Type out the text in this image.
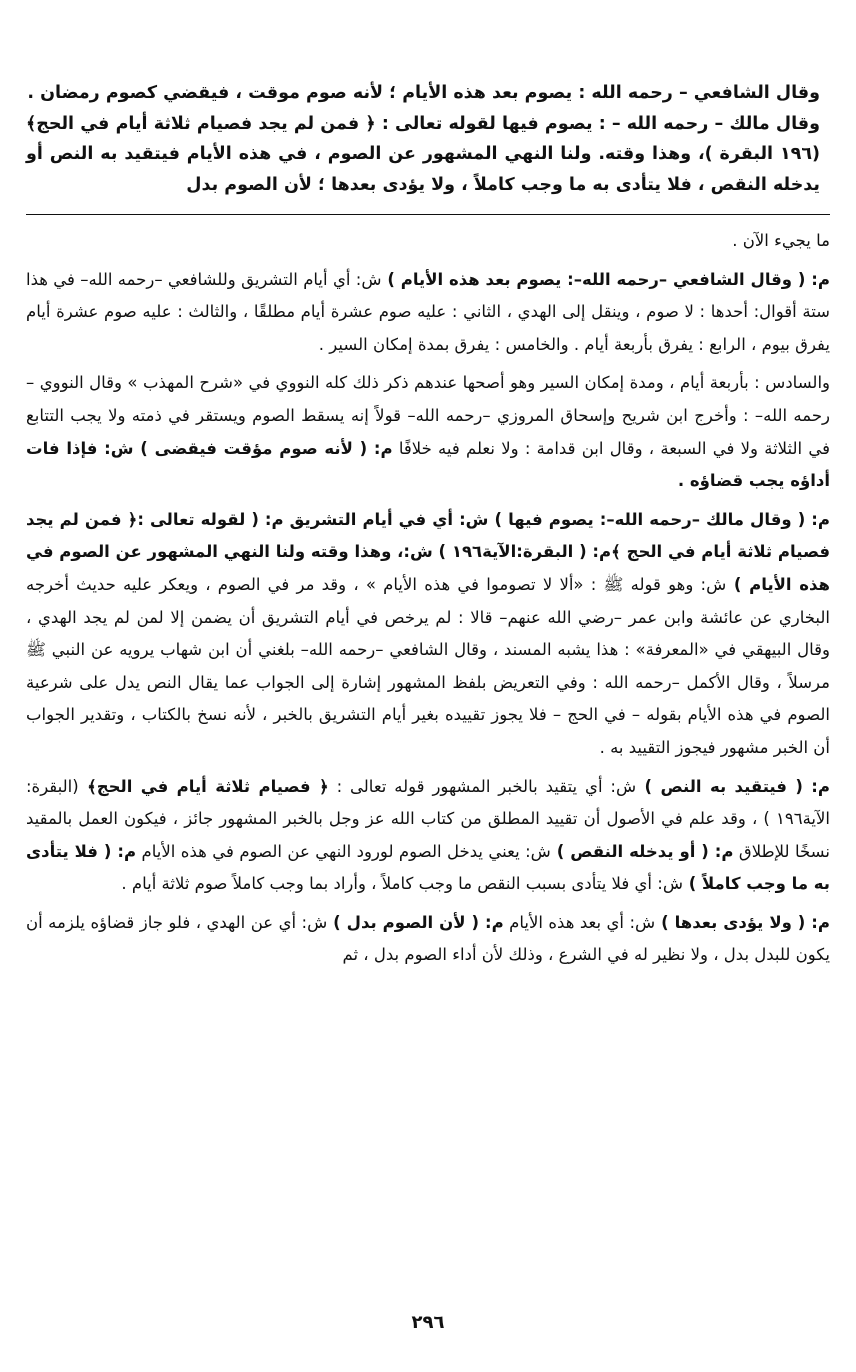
وقال الشافعي – رحمه الله : يصوم بعد هذه الأيام ؛ لأنه صوم موقت ، فيقضي كصوم رمضان .

وقال مالك – رحمه الله – : يصوم فيها لقوله تعالى : ﴿ فمن لم يجد فصيام ثلاثة أيام في الحج﴾ (١٩٦ البقرة )، وهذا وقته. ولنا النهي المشهور عن الصوم ، في هذه الأيام فيتقيد به النص أو يدخله النقص ، فلا يتأدى به ما وجب كاملاً ، ولا يؤدى بعدها ؛ لأن الصوم بدل

ما يجيء الآن .

م: ( وقال الشافعي –رحمه الله–: يصوم بعد هذه الأيام ) ش: أي أيام التشريق وللشافعي –رحمه الله– في هذا ستة أقوال: أحدها : لا صوم ، وينقل إلى الهدي ، الثاني : عليه صوم عشرة أيام مطلقًا ، والثالث : عليه صوم عشرة أيام يفرق بيوم ، الرابع : يفرق بأربعة أيام . والخامس : يفرق بمدة إمكان السير .

والسادس : بأربعة أيام ، ومدة إمكان السير وهو أصحها عندهم ذكر ذلك كله النووي في «شرح المهذب » وقال النووي –رحمه الله– : وأخرج ابن شريح وإسحاق المروزي –رحمه الله– قولاً إنه يسقط الصوم ويستقر في ذمته ولا يجب التتابع في الثلاثة ولا في السبعة ، وقال ابن قدامة : ولا نعلم فيه خلافًا م: ( لأنه صوم مؤقت فيقضى ) ش: فإذا فات أداؤه يجب قضاؤه .

م: ( وقال مالك –رحمه الله–: يصوم فيها ) ش: أي في أيام التشريق م: ( لقوله تعالى :﴿ فمن لم يجد فصيام ثلاثة أيام في الحج ﴾م: ( البقرة:الآية١٩٦ ) ش:، وهذا وقته ولنا النهي المشهور عن الصوم في هذه الأيام ) ش: وهو قوله ﷺ : «ألا لا تصوموا في هذه الأيام » ، وقد مر في الصوم ، ويعكر عليه حديث أخرجه البخاري عن عائشة وابن عمر –رضي الله عنهم– قالا : لم يرخص في أيام التشريق أن يضمن إلا لمن لم يجد الهدي ، وقال البيهقي في «المعرفة» : هذا يشبه المسند ، وقال الشافعي –رحمه الله– بلغني أن ابن شهاب يرويه عن النبي ﷺ مرسلاً ، وقال الأكمل –رحمه الله : وفي التعريض بلفظ المشهور إشارة إلى الجواب عما يقال النص يدل على شرعية الصوم في هذه الأيام بقوله – في الحج – فلا يجوز تقييده بغير أيام التشريق بالخبر ، لأنه نسخ بالكتاب ، وتقدير الجواب أن الخبر مشهور فيجوز التقييد به .

م: ( فيتقيد به النص ) ش: أي يتقيد بالخبر المشهور قوله تعالى : ﴿ فصيام ثلاثة أيام في الحج﴾ (البقرة: الآية١٩٦ ) ، وقد علم في الأصول أن تقييد المطلق من كتاب الله عز وجل بالخبر المشهور جائز ، فيكون العمل بالمقيد نسخًا للإطلاق م: ( أو يدخله النقص ) ش: يعني يدخل الصوم لورود النهي عن الصوم في هذه الأيام م: ( فلا يتأدى به ما وجب كاملاً ) ش: أي فلا يتأدى بسبب النقص ما وجب كاملاً ، وأراد بما وجب كاملاً صوم ثلاثة أيام .

م: ( ولا يؤدى بعدها ) ش: أي بعد هذه الأيام م: ( لأن الصوم بدل ) ش: أي عن الهدي ، فلو جاز قضاؤه يلزمه أن يكون للبدل بدل ، ولا نظير له في الشرع ، وذلك لأن أداء الصوم بدل ، ثم

٢٩٦
